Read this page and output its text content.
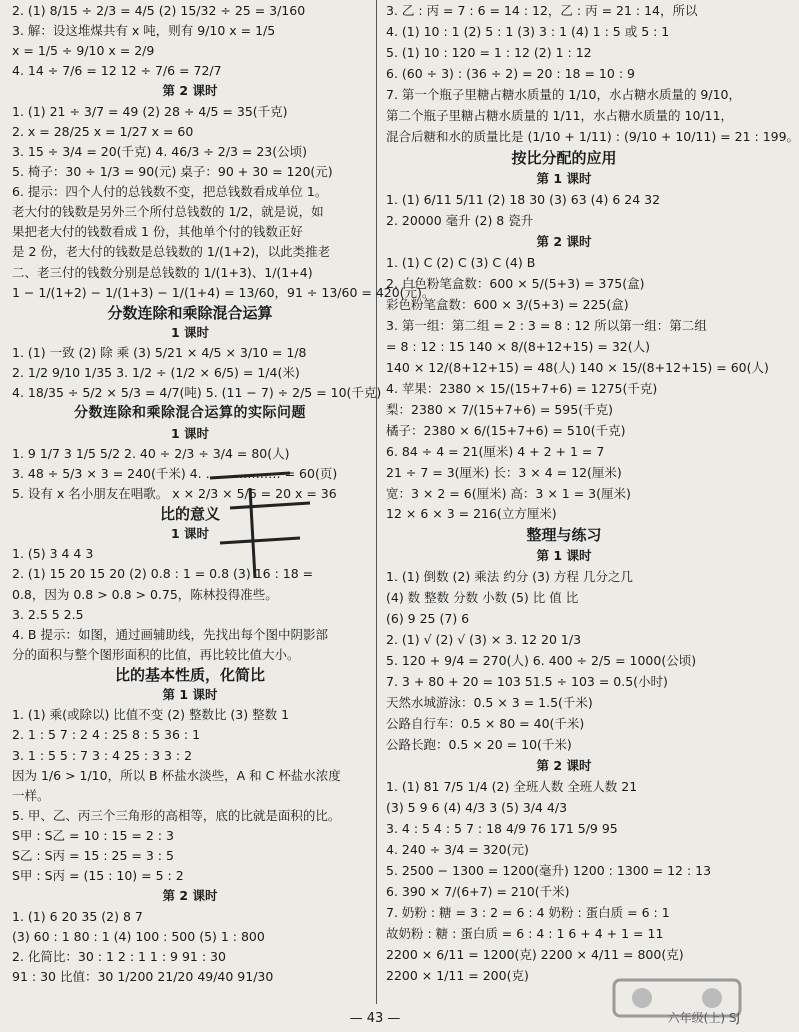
2. (1) 8/15 ÷ 2/3 = 4/5 (2) 15/32 ÷ 25 = 3/160
3. 解：设这堆煤共有 x 吨，则有 9/10 x = 1/5
x = 1/5 ÷ 9/10 x = 2/9
4. 14 ÷ 7/6 = 12 12 ÷ 7/6 = 72/7
第 2 课时
1. (1) 21 ÷ 3/7 = 49 (2) 28 ÷ 4/5 = 35(千克)
2. x = 28/25 x = 1/27 x = 60
3. 15 ÷ 3/4 = 20(千克) 4. 46/3 ÷ 2/3 = 23(公顷)
5. 椅子：30 ÷ 1/3 = 90(元) 桌子：90 + 30 = 120(元)
6. 提示：四个人付的总钱数不变，把总钱数看成单位 1。
老大付的钱数是另外三个所付总钱数的 1/2，就是说，如
果把老大付的钱数看成 1 份，其他单个付的钱数正好
是 2 份，老大付的钱数是总钱数的 1/(1+2)，以此类推老
二、老三付的钱数分别是总钱数的 1/(1+3)、1/(1+4)
1 − 1/(1+2) − 1/(1+3) − 1/(1+4) = 13/60，91 ÷ 13/60 = 420(元)。
分数连除和乘除混合运算
1 课时
1. (1) 一致 (2) 除 乘 (3) 5/21 × 4/5 × 3/10 = 1/8
2. 1/2 9/10 1/35 3. 1/2 ÷ (1/2 × 6/5) = 1/4(米)
4. 18/35 ÷ 5/2 × 5/3 = 4/7(吨) 5. (11 − 7) ÷ 2/5 = 10(千克)
分数连除和乘除混合运算的实际问题
1 课时
1. 9 1/7 3 1/5 5/2 2. 40 ÷ 2/3 ÷ 3/4 = 80(人)
3. 48 ÷ 5/3 × 3 = 240(千米) 4. ……………… = 60(页)
5. 设有 x 名小朋友在唱歌。 x × 2/3 × 5/6 = 20 x = 36
比的意义
1 课时
1. (5) 3 4 4 3
2. (1) 15 20 15 20 (2) 0.8 : 1 = 0.8 (3) 16 : 18 =
0.8，因为 0.8 > 0.8 > 0.75，陈林投得准些。
3. 2.5 5 2.5
4. B 提示：如图，通过画辅助线，先找出每个图中阴影部
分的面积与整个图形面积的比值，再比较比值大小。
比的基本性质，化简比
第 1 课时
1. (1) 乘(或除以) 比值不变 (2) 整数比 (3) 整数 1
2. 1 : 5 7 : 2 4 : 25 8 : 5 36 : 1
3. 1 : 5 5 : 7 3 : 4 25 : 3 3 : 2
因为 1/6 > 1/10，所以 B 杯盐水淡些，A 和 C 杯盐水浓度
一样。
5. 甲、乙、丙三个三角形的高相等，底的比就是面积的比。
S甲 : S乙 = 10 : 15 = 2 : 3
S乙 : S丙 = 15 : 25 = 3 : 5
S甲 : S丙 = (15 : 10) = 5 : 2
第 2 课时
1. (1) 6 20 35 (2) 8 7
(3) 60 : 1 80 : 1 (4) 100 : 500 (5) 1 : 800
2. 化简比：30 : 1 2 : 1 1 : 9 91 : 30
91 : 30 比值：30 1/200 21/20 49/40 91/30
3. 乙 : 丙 = 7 : 6 = 14 : 12，乙 : 丙 = 21 : 14，所以
4. (1) 10 : 1 (2) 5 : 1 (3) 3 : 1 (4) 1 : 5 或 5 : 1
5. (1) 10 : 120 = 1 : 12 (2) 1 : 12
6. (60 ÷ 3) : (36 ÷ 2) = 20 : 18 = 10 : 9
7. 第一个瓶子里糖占糖水质量的 1/10，水占糖水质量的 9/10，
第二个瓶子里糖占糖水质量的 1/11，水占糖水质量的 10/11，
混合后糖和水的质量比是 (1/10 + 1/11) : (9/10 + 10/11) = 21 : 199。
按比分配的应用
第 1 课时
1. (1) 6/11 5/11 (2) 18 30 (3) 63 (4) 6 24 32
2. 20000 毫升 (2) 8 瓷升
第 2 课时
1. (1) C (2) C (3) C (4) B
2. 白色粉笔盒数：600 × 5/(5+3) = 375(盒)
彩色粉笔盒数：600 × 3/(5+3) = 225(盒)
3. 第一组：第二组 = 2 : 3 = 8 : 12 所以第一组：第二组
= 8 : 12 : 15 140 × 8/(8+12+15) = 32(人)
140 × 12/(8+12+15) = 48(人) 140 × 15/(8+12+15) = 60(人)
4. 苹果：2380 × 15/(15+7+6) = 1275(千克)
梨：2380 × 7/(15+7+6) = 595(千克)
橘子：2380 × 6/(15+7+6) = 510(千克)
6. 84 ÷ 4 = 21(厘米) 4 + 2 + 1 = 7
21 ÷ 7 = 3(厘米) 长：3 × 4 = 12(厘米)
宽：3 × 2 = 6(厘米) 高：3 × 1 = 3(厘米)
12 × 6 × 3 = 216(立方厘米)
整理与练习
第 1 课时
1. (1) 倒数 (2) 乘法 约分 (3) 方程 几分之几
(4) 数 整数 分数 小数 (5) 比 值 比
(6) 9 25 (7) 6
2. (1) √ (2) √ (3) × 3. 12 20 1/3
5. 120 + 9/4 = 270(人) 6. 400 ÷ 2/5 = 1000(公顷)
7. 3 + 80 + 20 = 103 51.5 ÷ 103 = 0.5(小时)
天然水城游泳：0.5 × 3 = 1.5(千米)
公路自行车：0.5 × 80 = 40(千米)
公路长跑：0.5 × 20 = 10(千米)
第 2 课时
1. (1) 81 7/5 1/4 (2) 全班人数 全班人数 21
(3) 5 9 6 (4) 4/3 3 (5) 3/4 4/3
3. 4 : 5 4 : 5 7 : 18 4/9 76 171 5/9 95
4. 240 ÷ 3/4 = 320(元)
5. 2500 − 1300 = 1200(毫升) 1200 : 1300 = 12 : 13
6. 390 × 7/(6+7) = 210(千米)
7. 奶粉 : 糖 = 3 : 2 = 6 : 4 奶粉 : 蛋白质 = 6 : 1
故奶粉 : 糖 : 蛋白质 = 6 : 4 : 1 6 + 4 + 1 = 11
2200 × 6/11 = 1200(克) 2200 × 4/11 = 800(克)
2200 × 1/11 = 200(克)
— 43 —	六年级(上) SJ
